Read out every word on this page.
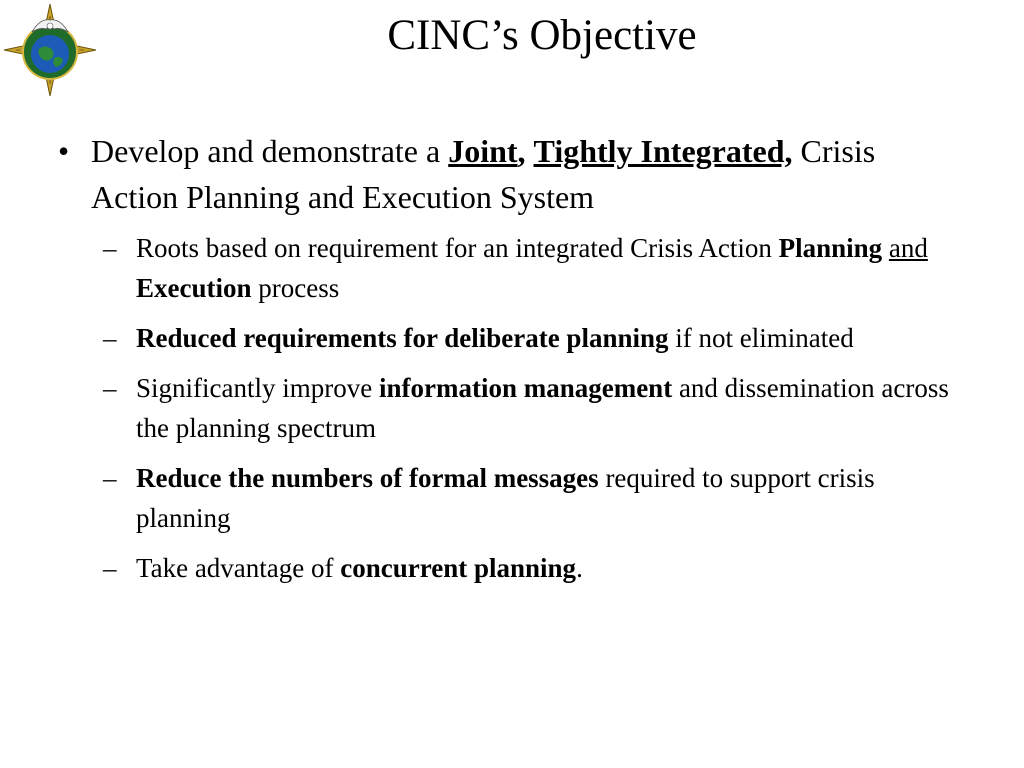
CINC’s Objective

• Develop and demonstrate a Joint, Tightly Integrated, Crisis Action Planning and Execution System

– Roots based on requirement for an integrated Crisis Action Planning and Execution process
– Reduced requirements for deliberate planning if not eliminated
– Significantly improve information management and dissemination across the planning spectrum
– Reduce the numbers of formal messages required to support crisis planning
– Take advantage of concurrent planning.
